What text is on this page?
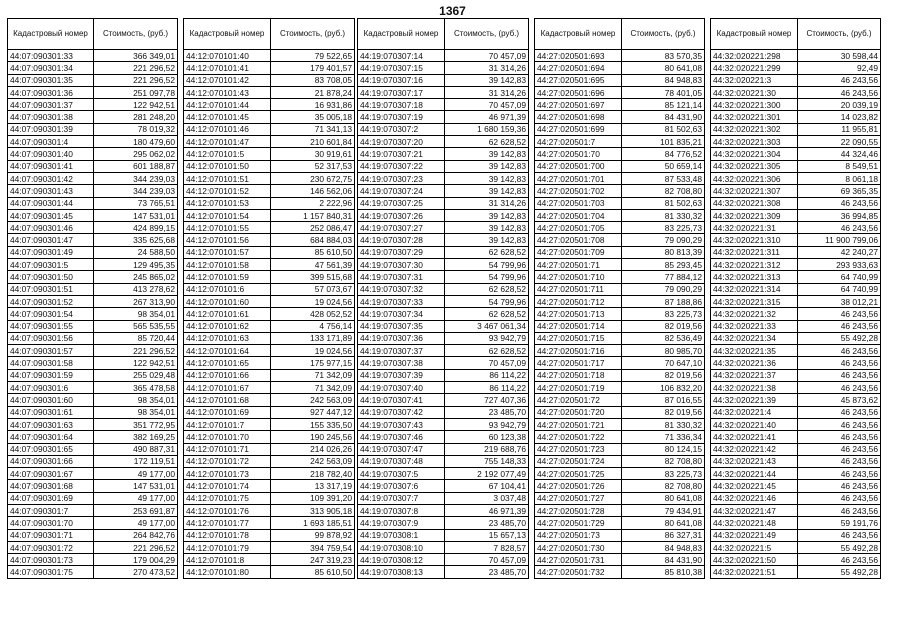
1367
Кадастровый номер	Стоимость, (руб.)
44:07:090301:33	366 349,01
44:07:090301:34	221 296,52
44:07:090301:35	221 296,52
44:07:090301:36	251 097,78
44:07:090301:37	122 942,51
44:07:090301:38	281 248,20
44:07:090301:39	78 019,32
44:07:090301:4	180 479,60
44:07:090301:40	295 062,02
44:07:090301:41	601 188,87
44:07:090301:42	344 239,03
44:07:090301:43	344 239,03
44:07:090301:44	73 765,51
44:07:090301:45	147 531,01
44:07:090301:46	424 899,15
44:07:090301:47	335 625,68
44:07:090301:49	24 588,50
44:07:090301:5	129 495,35
44:07:090301:50	245 865,02
44:07:090301:51	413 278,62
44:07:090301:52	267 313,90
44:07:090301:54	98 354,01
44:07:090301:55	565 535,55
44:07:090301:56	85 720,44
44:07:090301:57	221 296,52
44:07:090301:58	122 942,51
44:07:090301:59	255 029,48
44:07:090301:6	365 478,58
44:07:090301:60	98 354,01
44:07:090301:61	98 354,01
44:07:090301:63	351 772,95
44:07:090301:64	382 169,25
44:07:090301:65	490 887,31
44:07:090301:66	172 119,51
44:07:090301:67	49 177,00
44:07:090301:68	147 531,01
44:07:090301:69	49 177,00
44:07:090301:7	253 691,87
44:07:090301:70	49 177,00
44:07:090301:71	264 842,76
44:07:090301:72	221 296,52
44:07:090301:73	179 004,29
44:07:090301:75	270 473,52
Кадастровый номер	Стоимость, (руб.)
44:12:070101:40	79 522,65
44:12:070101:41	179 401,57
44:12:070101:42	83 708,05
44:12:070101:43	21 878,24
44:12:070101:44	16 931,86
44:12:070101:45	35 005,18
44:12:070101:46	71 341,13
44:12:070101:47	210 601,84
44:12:070101:5	30 919,61
44:12:070101:50	52 317,53
44:12:070101:51	230 672,75
44:12:070101:52	146 562,06
44:12:070101:53	2 222,96
44:12:070101:54	1 157 840,31
44:12:070101:55	252 086,47
44:12:070101:56	684 884,03
44:12:070101:57	85 610,50
44:12:070101:58	47 561,39
44:12:070101:59	399 515,68
44:12:070101:6	57 073,67
44:12:070101:60	19 024,56
44:12:070101:61	428 052,52
44:12:070101:62	4 756,14
44:12:070101:63	133 171,89
44:12:070101:64	19 024,56
44:12:070101:65	175 977,15
44:12:070101:66	71 342,09
44:12:070101:67	71 342,09
44:12:070101:68	242 563,09
44:12:070101:69	927 447,12
44:12:070101:7	155 335,50
44:12:070101:70	190 245,56
44:12:070101:71	214 026,26
44:12:070101:72	242 563,09
44:12:070101:73	218 782,40
44:12:070101:74	13 317,19
44:12:070101:75	109 391,20
44:12:070101:76	313 905,18
44:12:070101:77	1 693 185,51
44:12:070101:78	99 878,92
44:12:070101:79	394 759,54
44:12:070101:8	247 319,23
44:12:070101:80	85 610,50
Кадастровый номер	Стоимость, (руб.)
44:19:070307:14	70 457,09
44:19:070307:15	31 314,26
44:19:070307:16	39 142,83
44:19:070307:17	31 314,26
44:19:070307:18	70 457,09
44:19:070307:19	46 971,39
44:19:070307:2	1 680 159,36
44:19:070307:20	62 628,52
44:19:070307:21	39 142,83
44:19:070307:22	39 142,83
44:19:070307:23	39 142,83
44:19:070307:24	39 142,83
44:19:070307:25	31 314,26
44:19:070307:26	39 142,83
44:19:070307:27	39 142,83
44:19:070307:28	39 142,83
44:19:070307:29	62 628,52
44:19:070307:30	54 799,96
44:19:070307:31	54 799,96
44:19:070307:32	62 628,52
44:19:070307:33	54 799,96
44:19:070307:34	62 628,52
44:19:070307:35	3 467 061,34
44:19:070307:36	93 942,79
44:19:070307:37	62 628,52
44:19:070307:38	70 457,09
44:19:070307:39	86 114,22
44:19:070307:40	86 114,22
44:19:070307:41	727 407,36
44:19:070307:42	23 485,70
44:19:070307:43	93 942,79
44:19:070307:46	60 123,38
44:19:070307:47	219 688,76
44:19:070307:48	755 148,33
44:19:070307:5	2 192 077,49
44:19:070307:6	67 104,41
44:19:070307:7	3 037,48
44:19:070307:8	46 971,39
44:19:070307:9	23 485,70
44:19:070308:1	15 657,13
44:19:070308:10	7 828,57
44:19:070308:12	70 457,09
44:19:070308:13	23 485,70
Кадастровый номер	Стоимость, (руб.)
44:27:020501:693	83 570,35
44:27:020501:694	80 641,08
44:27:020501:695	84 948,83
44:27:020501:696	78 401,05
44:27:020501:697	85 121,14
44:27:020501:698	84 431,90
44:27:020501:699	81 502,63
44:27:020501:7	101 835,21
44:27:020501:70	84 776,52
44:27:020501:700	50 659,14
44:27:020501:701	87 533,48
44:27:020501:702	82 708,80
44:27:020501:703	81 502,63
44:27:020501:704	81 330,32
44:27:020501:705	83 225,73
44:27:020501:708	79 090,29
44:27:020501:709	80 813,39
44:27:020501:71	85 293,45
44:27:020501:710	77 884,12
44:27:020501:711	79 090,29
44:27:020501:712	87 188,86
44:27:020501:713	83 225,73
44:27:020501:714	82 019,56
44:27:020501:715	82 536,49
44:27:020501:716	80 985,70
44:27:020501:717	70 647,10
44:27:020501:718	82 019,56
44:27:020501:719	106 832,20
44:27:020501:72	87 016,55
44:27:020501:720	82 019,56
44:27:020501:721	81 330,32
44:27:020501:722	71 336,34
44:27:020501:723	80 124,15
44:27:020501:724	82 708,80
44:27:020501:725	83 225,73
44:27:020501:726	82 708,80
44:27:020501:727	80 641,08
44:27:020501:728	79 434,91
44:27:020501:729	80 641,08
44:27:020501:73	86 327,31
44:27:020501:730	84 948,83
44:27:020501:731	84 431,90
44:27:020501:732	85 810,38
Кадастровый номер	Стоимость, (руб.)
44:32:020221:298	30 598,44
44:32:020221:299	92,49
44:32:020221:3	46 243,56
44:32:020221:30	46 243,56
44:32:020221:300	20 039,19
44:32:020221:301	14 023,82
44:32:020221:302	11 955,81
44:32:020221:303	22 090,55
44:32:020221:304	44 324,46
44:32:020221:305	8 549,51
44:32:020221:306	8 061,18
44:32:020221:307	69 365,35
44:32:020221:308	46 243,56
44:32:020221:309	36 994,85
44:32:020221:31	46 243,56
44:32:020221:310	11 900 799,06
44:32:020221:311	42 240,27
44:32:020221:312	293 933,63
44:32:020221:313	64 740,99
44:32:020221:314	64 740,99
44:32:020221:315	38 012,21
44:32:020221:32	46 243,56
44:32:020221:33	46 243,56
44:32:020221:34	55 492,28
44:32:020221:35	46 243,56
44:32:020221:36	46 243,56
44:32:020221:37	46 243,56
44:32:020221:38	46 243,56
44:32:020221:39	45 873,62
44:32:020221:4	46 243,56
44:32:020221:40	46 243,56
44:32:020221:41	46 243,56
44:32:020221:42	46 243,56
44:32:020221:43	46 243,56
44:32:020221:44	46 243,56
44:32:020221:45	46 243,56
44:32:020221:46	46 243,56
44:32:020221:47	46 243,56
44:32:020221:48	59 191,76
44:32:020221:49	46 243,56
44:32:020221:5	55 492,28
44:32:020221:50	46 243,56
44:32:020221:51	55 492,28
